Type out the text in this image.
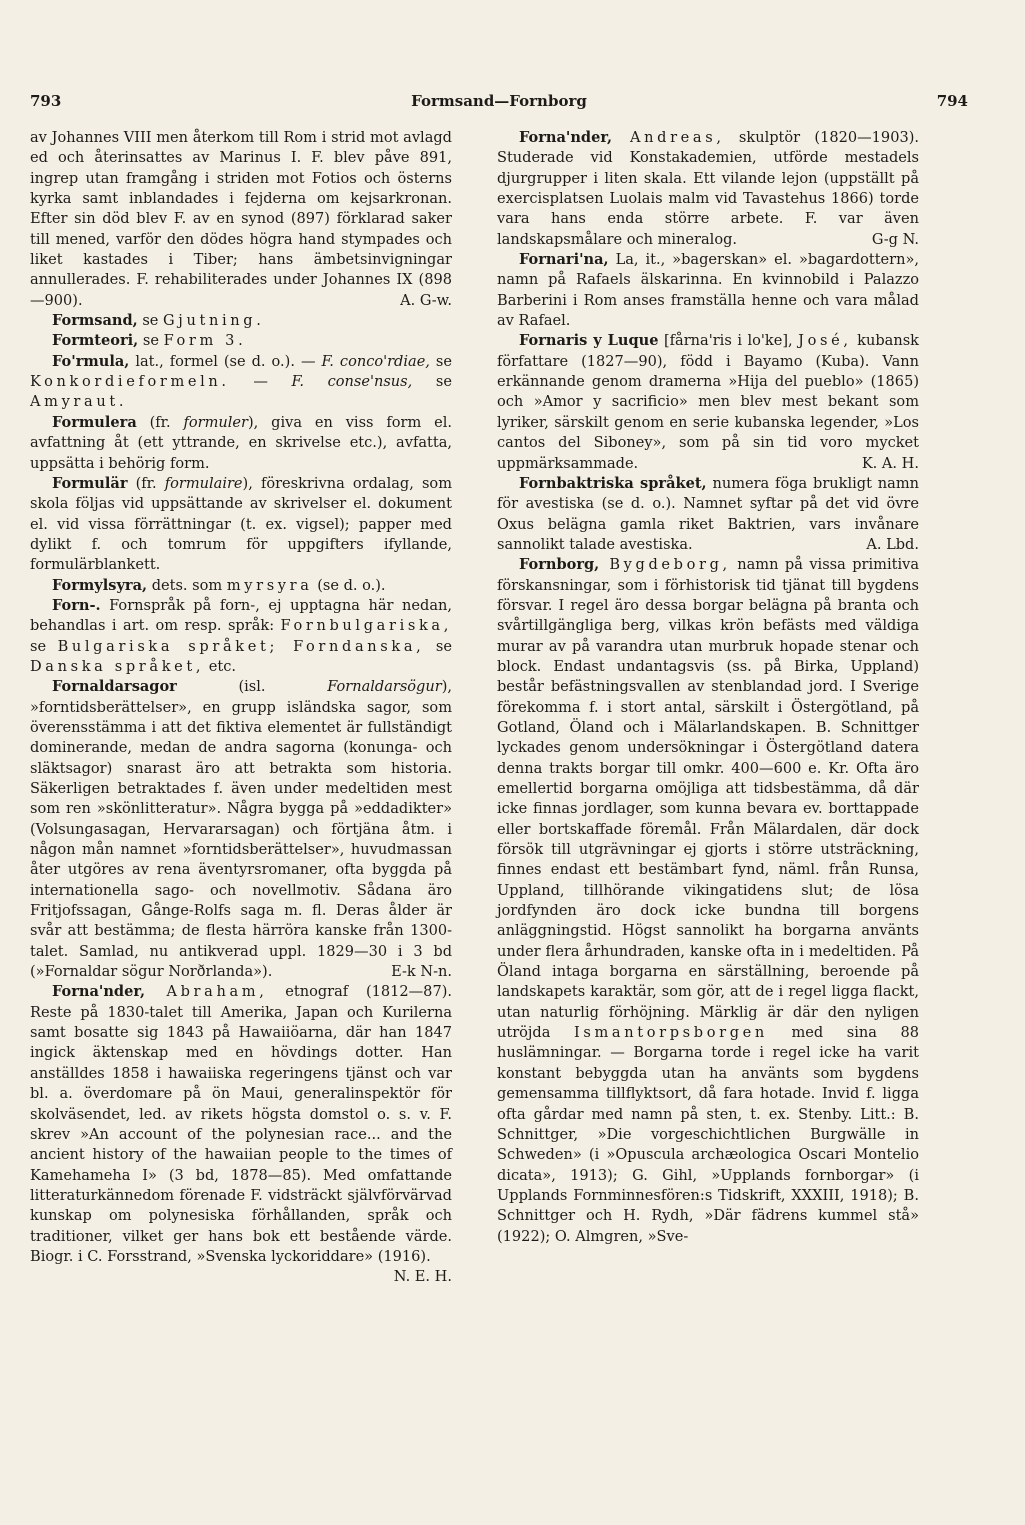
793	Formsand—Fornborg	794

av Johannes VIII men återkom till Rom i strid mot avlagd ed och återinsattes av Marinus I. F. blev påve 891, ingrep utan framgång i striden mot Fotios och österns kyrka samt inblandades i fejderna om kejsarkronan. Efter sin död blev F. av en synod (897) förklarad saker till mened, varför den dödes högra hand stympades och liket kastades i Tiber; hans ämbetsinvigningar annullerades. F. rehabiliterades under Johannes IX (898—900).	A. G-w.

Formsand, se Gjutning.

Formteori, se Form 3.

Fo'rmula, lat., formel (se d. o.). — F. conco'rdiae, se Konkordieformeln. — F. conse'nsus, se Amyraut.

Formulera (fr. formuler), giva en viss form el. avfattning åt (ett yttrande, en skrivelse etc.), avfatta, uppsätta i behörig form.

Formulär (fr. formulaire), föreskrivna ordalag, som skola följas vid uppsättande av skrivelser el. dokument el. vid vissa förrättningar (t. ex. vigsel); papper med dylikt f. och tomrum för uppgifters ifyllande, formulärblankett.

Formylsyra, dets. som myrsyra (se d. o.).

Forn-. Fornspråk på forn-, ej upptagna här nedan, behandlas i art. om resp. språk: Fornbulgariska, se Bulgariska språket; Forndanska, se Danska språket, etc.

Fornaldarsagor (isl. Fornaldarsögur), »forntidsberättelser», en grupp isländska sagor, som överensstämma i att det fiktiva elementet är fullständigt dominerande, medan de andra sagorna (konunga- och släktsagor) snarast äro att betrakta som historia. Säkerligen betraktades f. även under medeltiden mest som ren »skönlitteratur». Några bygga på »eddadikter» (Volsungasagan, Hervararsagan) och förtjäna åtm. i någon mån namnet »forntidsberättelser», huvudmassan åter utgöres av rena äventyrsromaner, ofta byggda på internationella sago- och novellmotiv. Sådana äro Fritjofssagan, Gånge-Rolfs saga m. fl. Deras ålder är svår att bestämma; de flesta härröra kanske från 1300-talet. Samlad, nu antikverad uppl. 1829—30 i 3 bd (»Fornaldar sögur Norðrlanda»).	E-k N-n.

Forna'nder, Abraham, etnograf (1812—87). Reste på 1830-talet till Amerika, Japan och Kurilerna samt bosatte sig 1843 på Hawaiiöarna, där han 1847 ingick äktenskap med en hövdings dotter. Han anställdes 1858 i hawaiiska regeringens tjänst och var bl. a. överdomare på ön Maui, generalinspektör för skolväsendet, led. av rikets högsta domstol o. s. v. F. skrev »An account of the polynesian race... and the ancient history of the hawaiian people to the times of Kamehameha I» (3 bd, 1878—85). Med omfattande litteraturkännedom förenade F. vidsträckt självförvärvad kunskap om polynesiska förhållanden, språk och traditioner, vilket ger hans bok ett bestående värde. Biogr. i C. Forsstrand, »Svenska lyckoriddare» (1916).
N. E. H.

Forna'nder, Andreas, skulptör (1820—1903). Studerade vid Konstakademien, utförde mestadels djurgrupper i liten skala. Ett vilande lejon (uppställt på exercisplatsen Luolais malm vid Tavastehus 1866) torde vara hans enda större arbete. F. var även landskapsmålare och mineralog.	G-g N.

Fornari'na, La, it., »bagerskan» el. »bagardottern», namn på Rafaels älskarinna. En kvinnobild i Palazzo Barberini i Rom anses framställa henne och vara målad av Rafael.

Fornaris y Luque [fårna'ris i lo'ke], José, kubansk författare (1827—90), född i Bayamo (Kuba). Vann erkännande genom dramerna »Hija del pueblo» (1865) och »Amor y sacrificio» men blev mest bekant som lyriker, särskilt genom en serie kubanska legender, »Los cantos del Siboney», som på sin tid voro mycket uppmärksammade.	K. A. H.

Fornbaktriska språket, numera föga brukligt namn för avestiska (se d. o.). Namnet syftar på det vid övre Oxus belägna gamla riket Baktrien, vars invånare sannolikt talade avestiska.	A. Lbd.

Fornborg, Bygdeborg, namn på vissa primitiva förskansningar, som i förhistorisk tid tjänat till bygdens försvar. I regel äro dessa borgar belägna på branta och svårtillgängliga berg, vilkas krön befästs med väldiga murar av på varandra utan murbruk hopade stenar och block. Endast undantagsvis (ss. på Birka, Uppland) består befästningsvallen av stenblandad jord. I Sverige förekomma f. i stort antal, särskilt i Östergötland, på Gotland, Öland och i Mälarlandskapen. B. Schnittger lyckades genom undersökningar i Östergötland datera denna trakts borgar till omkr. 400—600 e. Kr. Ofta äro emellertid borgarna omöjliga att tidsbestämma, då där icke finnas jordlager, som kunna bevara ev. borttappade eller bortskaffade föremål. Från Mälardalen, där dock försök till utgrävningar ej gjorts i större utsträckning, finnes endast ett bestämbart fynd, näml. från Runsa, Uppland, tillhörande vikingatidens slut; de lösa jordfynden äro dock icke bundna till borgens anläggningstid. Högst sannolikt ha borgarna använts under flera århundraden, kanske ofta in i medeltiden. På Öland intaga borgarna en särställning, beroende på landskapets karaktär, som gör, att de i regel ligga flackt, utan naturlig förhöjning. Märklig är där den nyligen utröjda Ismantorpsborgen med sina 88 huslämningar. — Borgarna torde i regel icke ha varit konstant bebyggda utan ha använts som bygdens gemensamma tillflyktsort, då fara hotade. Invid f. ligga ofta gårdar med namn på sten, t. ex. Stenby. Litt.: B. Schnittger, »Die vorgeschichtlichen Burgwälle in Schweden» (i »Opuscula archæologica Oscari Montelio dicata», 1913); G. Gihl, »Upplands fornborgar» (i Upplands Fornminnesfören:s Tidskrift, XXXIII, 1918); B. Schnittger och H. Rydh, »Där fädrens kummel stå» (1922); O. Almgren, »Sve-
